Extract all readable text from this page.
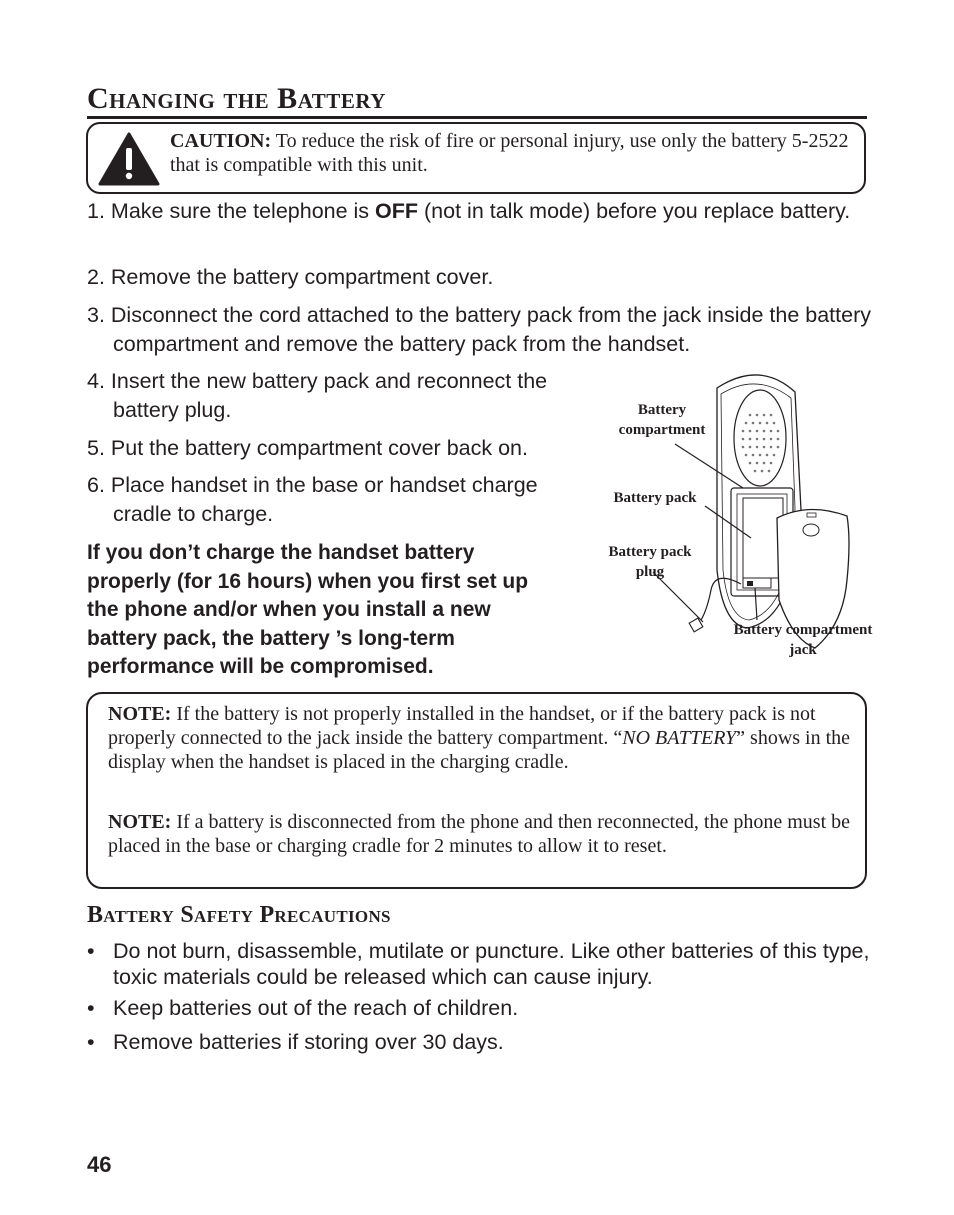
Changing the Battery
CAUTION: To reduce the risk of fire or personal injury, use only the battery 5-2522 that is compatible with this unit.
1. Make sure the telephone is OFF (not in talk mode) before you replace battery.
2. Remove the battery compartment cover.
3. Disconnect the cord attached to the battery pack from the jack inside the battery compartment and remove the battery pack from the handset.
4. Insert the new battery pack and reconnect the battery plug.
5. Put the battery compartment cover back on.
6. Place handset in the base or handset charge cradle to charge.
If you don’t charge the handset battery properly (for 16 hours) when you first set up the phone and/or when you install a new battery pack, the battery ’s long-term performance will be compromised.
Battery compartment
Battery pack
Battery pack plug
Battery compartment jack
NOTE: If the battery is not properly installed in the handset, or if the battery pack is not properly connected to the jack inside the battery compartment. “NO BATTERY” shows in the display when the handset is placed in the charging cradle.
NOTE: If a battery is disconnected from the phone and then reconnected, the phone must be placed in the base or charging cradle for 2 minutes to allow it to reset.
Battery Safety Precautions
• Do not burn, disassemble, mutilate or puncture. Like other batteries of this type, toxic materials could be released which can cause injury.
• Keep batteries out of the reach of children.
• Remove batteries if storing over 30 days.
46
